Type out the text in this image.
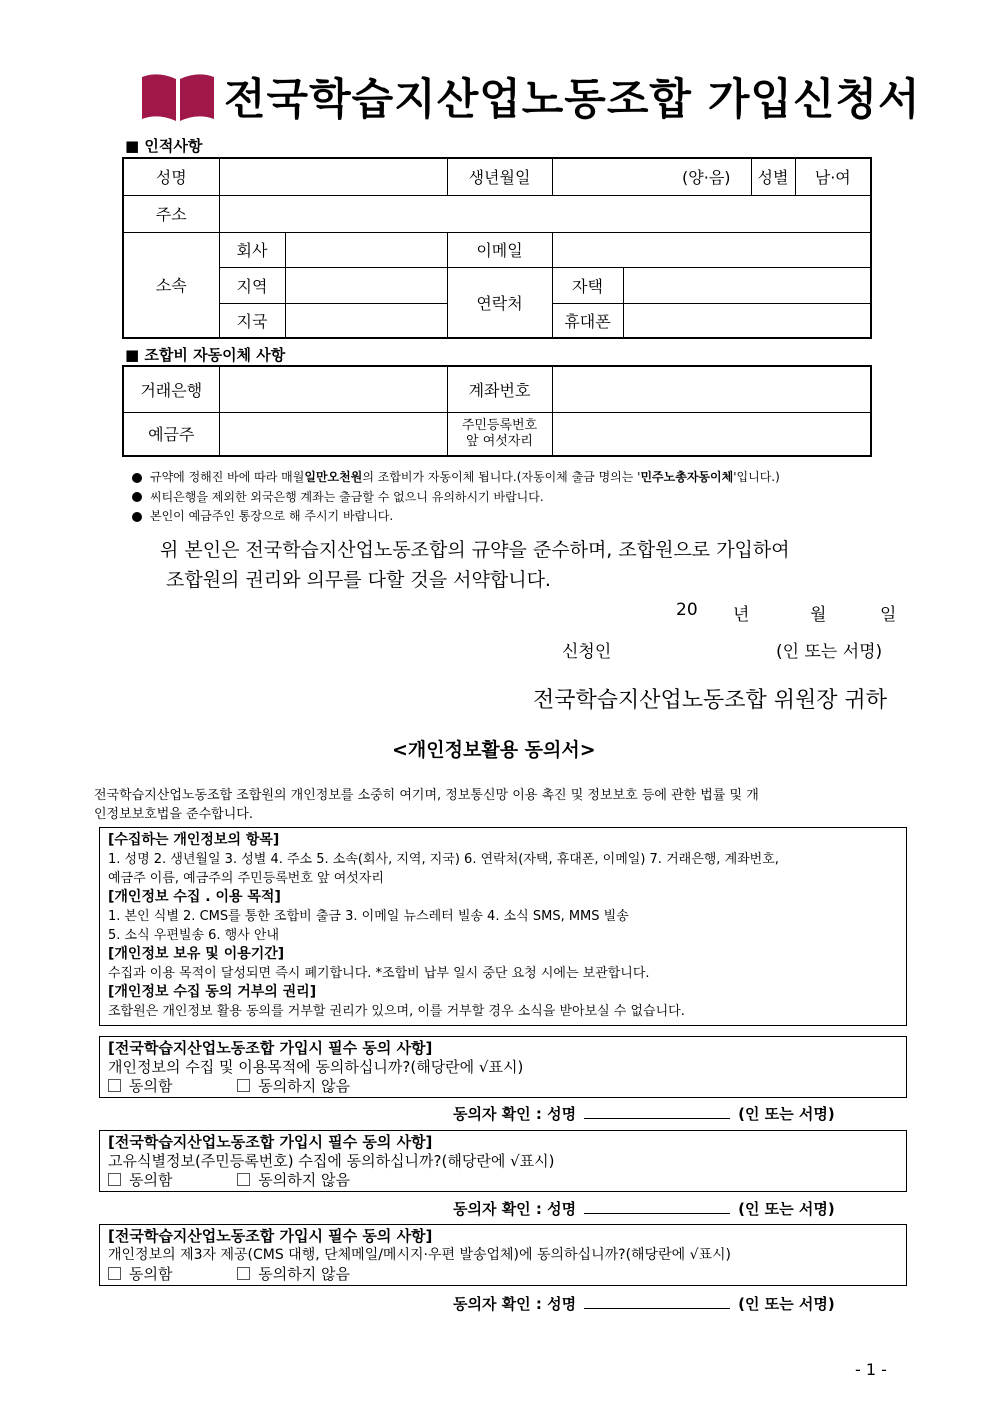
전국학습지산업노동조합 가입신청서
■ 인적사항
성명			생년월일	(양·음)		성별	남·여
주소							
소속	회사		이메일				
	지역		연락처	자택			
	지국			휴대폰			
■ 조합비 자동이체 사항
거래은행		계좌번호	
예금주		주민등록번호
앞 여섯자리	

규약에 정해진 바에 따라 매월 일만오천원 의 조합비가 자동이체 됩니다.(자동이체 출금 명의는 ' 민주노총자동이체 '입니다.)
씨티은행을 제외한 외국은행 계좌는 출금할 수 없으니 유의하시기 바랍니다.
본인이 예금주인 통장으로 해 주시기 바랍니다.
위 본인은 전국학습지산업노동조합의 규약을 준수하며, 조합원으로 가입하여
조합원의 권리와 의무를 다할 것을 서약합니다.
20 년	월	일
신청인	(인 또는 서명)
전국학습지산업노동조합 위원장 귀하
<개인정보활용 동의서>
전국학습지산업노동조합 조합원의 개인정보를 소중히 여기며, 정보통신망 이용 촉진 및 정보보호 등에 관한 법률 및 개
인정보보호법을 준수합니다.
[수집하는 개인정보의 항목]
1. 성명 2. 생년월일 3. 성별 4. 주소 5. 소속(회사, 지역, 지국) 6. 연락처(자택, 휴대폰, 이메일) 7. 거래은행, 계좌번호,
예금주 이름, 예금주의 주민등록번호 앞 여섯자리
[개인정보 수집 . 이용 목적]
1. 본인 식별 2. CMS를 통한 조합비 출금 3. 이메일 뉴스레터 빌송 4. 소식 SMS, MMS 빌송
5. 소식 우편빌송 6. 행사 안내
[개인정보 보유 및 이용기간]
수집과 이용 목적이 달성되면 즉시 폐기합니다. *조합비 납부 일시 중단 요청 시에는 보관합니다.
[개인정보 수집 동의 거부의 권리]
조합원은 개인정보 활용 동의를 거부할 권리가 있으며, 이를 거부할 경우 소식을 받아보실 수 없습니다.
[전국학습지산업노동조합 가입시 필수 동의 사항]
개인정보의 수집 및 이용목적에 동의하십니까?(해당란에 √표시)
동의함	동의하지 않음
동의자 확인 : 성명	(인 또는 서명)
[전국학습지산업노동조합 가입시 필수 동의 사항]
고유식별정보(주민등록번호) 수집에 동의하십니까?(해당란에 √표시)
동의함	동의하지 않음
동의자 확인 : 성명	(인 또는 서명)
[전국학습지산업노동조합 가입시 필수 동의 사항]
개인정보의 제3자 제공(CMS 대행, 단체메일/메시지·우편 발송업체)에 동의하십니까?(해당란에 √표시)
동의함	동의하지 않음
동의자 확인 : 성명	(인 또는 서명)
- 1 -
